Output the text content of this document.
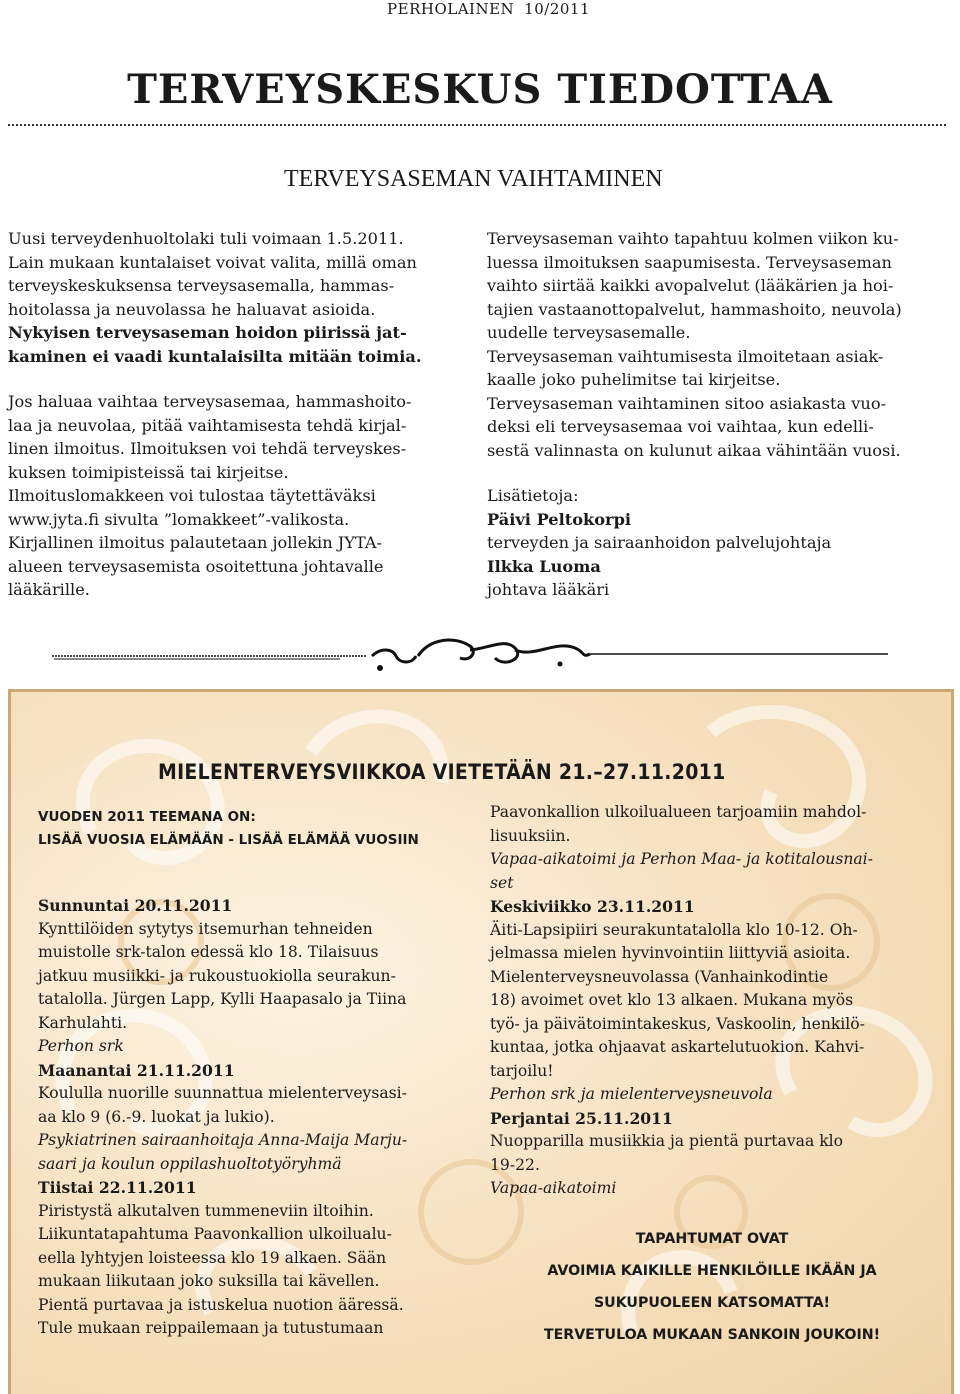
PERHOLAINEN 10/2011
TERVEYSKESKUS TIEDOTTAA
TERVEYSASEMAN VAIHTAMINEN

Uusi terveydenhuoltolaki tuli voimaan 1.5.2011.

Lain mukaan kuntalaiset voivat valita, millä oman

terveyskeskuksensa terveysasemalla, hammas-

hoitolassa ja neuvolassa he haluavat asioida.

Nykyisen terveysaseman hoidon piirissä jat-

kaminen ei vaadi kuntalaisilta mitään toimia.

Jos haluaa vaihtaa terveysasemaa, hammashoito-

laa ja neuvolaa, pitää vaihtamisesta tehdä kirjal-

linen ilmoitus. Ilmoituksen voi tehdä terveyskes-

kuksen toimipisteissä tai kirjeitse.

Ilmoituslomakkeen voi tulostaa täytettäväksi

www.jyta.fi sivulta ”lomakkeet”-valikosta.

Kirjallinen ilmoitus palautetaan jollekin JYTA-

alueen terveysasemista osoitettuna johtavalle

lääkärille.

Terveysaseman vaihto tapahtuu kolmen viikon ku-

luessa ilmoituksen saapumisesta. Terveysaseman

vaihto siirtää kaikki avopalvelut (lääkärien ja hoi-

tajien vastaanottopalvelut, hammashoito, neuvola)

uudelle terveysasemalle.

Terveysaseman vaihtumisesta ilmoitetaan asiak-

kaalle joko puhelimitse tai kirjeitse.

Terveysaseman vaihtaminen sitoo asiakasta vuo-

deksi eli terveysasemaa voi vaihtaa, kun edelli-

sestä valinnasta on kulunut aikaa vähintään vuosi.

Lisätietoja:

Päivi Peltokorpi

terveyden ja sairaanhoidon palvelujohtaja

Ilkka Luoma

johtava lääkäri

MIELENTERVEYSVIIKKOA VIETETÄÄN 21.–27.11.2011
VUODEN 2011 TEEMANA ON:
LISÄÄ VUOSIA ELÄMÄÄN - LISÄÄ ELÄMÄÄ VUOSIIN

Sunnuntai 20.11.2011

Kynttilöiden sytytys itsemurhan tehneiden

muistolle srk-talon edessä klo 18. Tilaisuus

jatkuu musiikki- ja rukoustuokiolla seurakun-

tatalolla. Jürgen Lapp, Kylli Haapasalo ja Tiina

Karhulahti.

Perhon srk

Maanantai 21.11.2011

Koululla nuorille suunnattua mielenterveysasi-

aa klo 9 (6.-9. luokat ja lukio).

Psykiatrinen sairaanhoitaja Anna-Maija Marju-

saari ja koulun oppilashuoltotyöryhmä

Tiistai 22.11.2011

Piristystä alkutalven tummeneviin iltoihin.

Liikuntatapahtuma Paavonkallion ulkoilualu-

eella lyhtyjen loisteessa klo 19 alkaen. Sään

mukaan liikutaan joko suksilla tai kävellen.

Pientä purtavaa ja istuskelua nuotion ääressä.

Tule mukaan reippailemaan ja tutustumaan

Paavonkallion ulkoilualueen tarjoamiin mahdol-

lisuuksiin.

Vapaa-aikatoimi ja Perhon Maa- ja kotitalousnai-

set

Keskiviikko 23.11.2011

Äiti-Lapsipiiri seurakuntatalolla klo 10-12. Oh-

jelmassa mielen hyvinvointiin liittyviä asioita.

Mielenterveysneuvolassa (Vanhainkodintie

18) avoimet ovet klo 13 alkaen. Mukana myös

työ- ja päivätoimintakeskus, Vaskoolin, henkilö-

kuntaa, jotka ohjaavat askartelutuokion. Kahvi-

tarjoilu!

Perhon srk ja mielenterveysneuvola

Perjantai 25.11.2011

Nuopparilla musiikkia ja pientä purtavaa klo

19-22.

Vapaa-aikatoimi

TAPAHTUMAT OVAT
AVOIMIA KAIKILLE HENKILÖILLE IKÄÄN JA
SUKUPUOLEEN KATSOMATTA!
TERVETULOA MUKAAN SANKOIN JOUKOIN!
